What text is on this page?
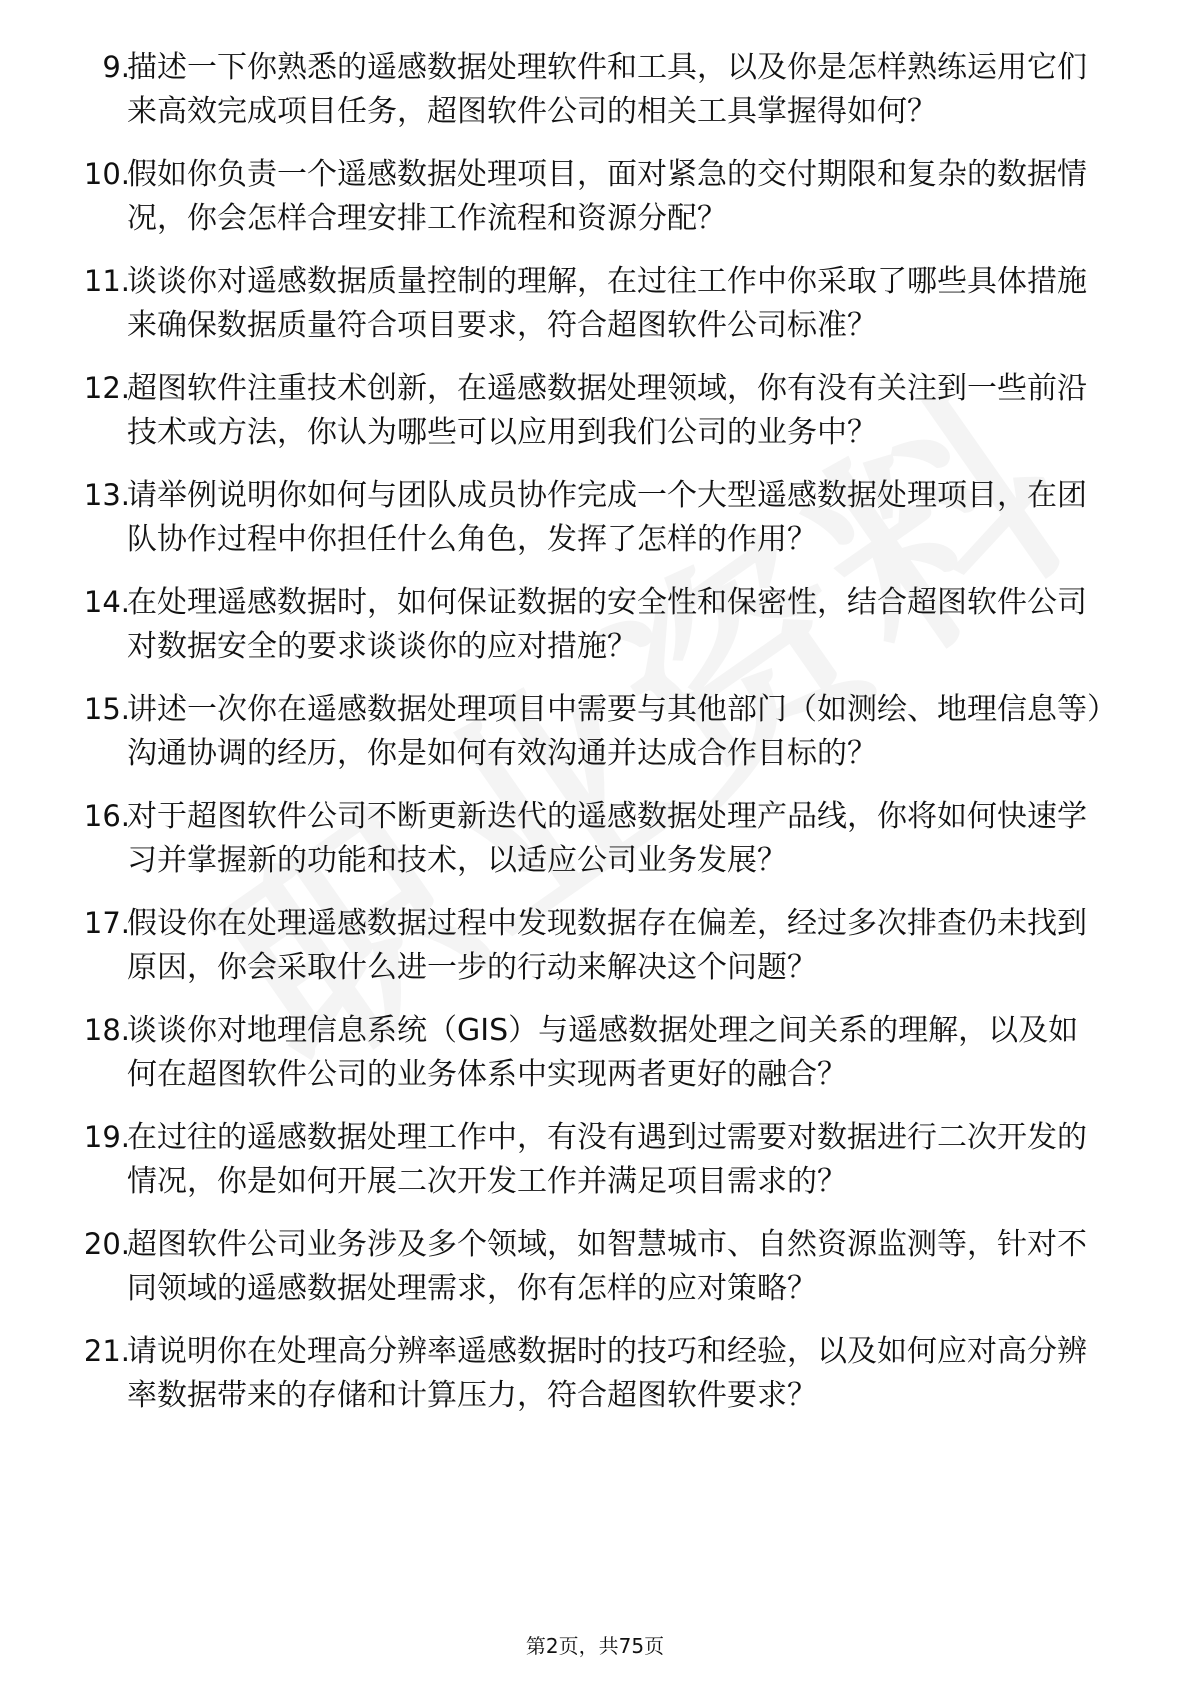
9.
描述一下你熟悉的遥感数据处理软件和工具，以及你是怎样熟练运用它们来高效完成项目任务，超图软件公司的相关工具掌握得如何？
10.
假如你负责一个遥感数据处理项目，面对紧急的交付期限和复杂的数据情况，你会怎样合理安排工作流程和资源分配？
11.
谈谈你对遥感数据质量控制的理解，在过往工作中你采取了哪些具体措施来确保数据质量符合项目要求，符合超图软件公司标准？
12.
超图软件注重技术创新，在遥感数据处理领域，你有没有关注到一些前沿技术或方法，你认为哪些可以应用到我们公司的业务中？
13.
请举例说明你如何与团队成员协作完成一个大型遥感数据处理项目，在团队协作过程中你担任什么角色，发挥了怎样的作用？
14.
在处理遥感数据时，如何保证数据的安全性和保密性，结合超图软件公司对数据安全的要求谈谈你的应对措施？
15.
讲述一次你在遥感数据处理项目中需要与其他部门（如测绘、地理信息等）沟通协调的经历，你是如何有效沟通并达成合作目标的？
16.
对于超图软件公司不断更新迭代的遥感数据处理产品线，你将如何快速学习并掌握新的功能和技术，以适应公司业务发展？
17.
假设你在处理遥感数据过程中发现数据存在偏差，经过多次排查仍未找到原因，你会采取什么进一步的行动来解决这个问题？
18.
谈谈你对地理信息系统（GIS）与遥感数据处理之间关系的理解，以及如何在超图软件公司的业务体系中实现两者更好的融合？
19.
在过往的遥感数据处理工作中，有没有遇到过需要对数据进行二次开发的情况，你是如何开展二次开发工作并满足项目需求的？
20.
超图软件公司业务涉及多个领域，如智慧城市、自然资源监测等，针对不同领域的遥感数据处理需求，你有怎样的应对策略？
21.
请说明你在处理高分辨率遥感数据时的技巧和经验，以及如何应对高分辨率数据带来的存储和计算压力，符合超图软件要求？
第2页，共75页
